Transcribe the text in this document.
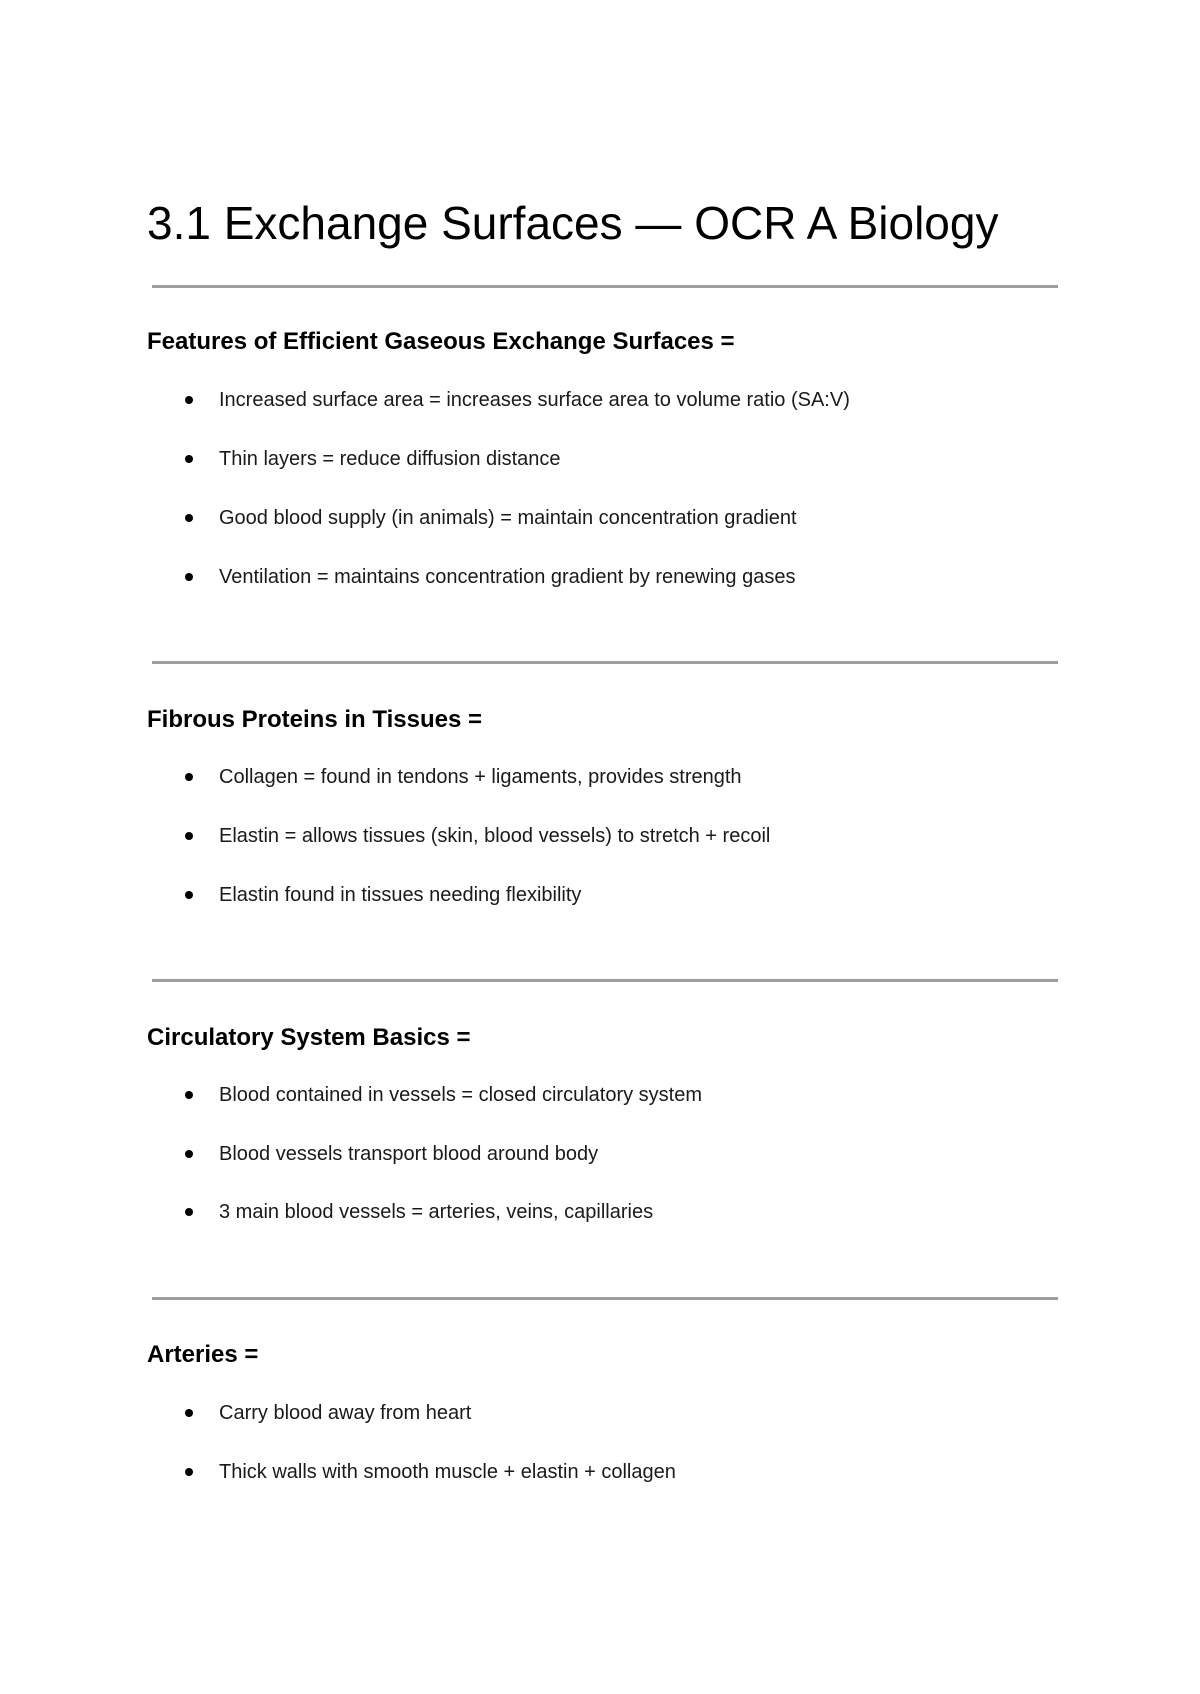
3.1 Exchange Surfaces — OCR A Biology
Features of Efficient Gaseous Exchange Surfaces =
Increased surface area = increases surface area to volume ratio (SA:V)
Thin layers = reduce diffusion distance
Good blood supply (in animals) = maintain concentration gradient
Ventilation = maintains concentration gradient by renewing gases
Fibrous Proteins in Tissues =
Collagen = found in tendons + ligaments, provides strength
Elastin = allows tissues (skin, blood vessels) to stretch + recoil
Elastin found in tissues needing flexibility
Circulatory System Basics =
Blood contained in vessels = closed circulatory system
Blood vessels transport blood around body
3 main blood vessels = arteries, veins, capillaries
Arteries =
Carry blood away from heart
Thick walls with smooth muscle + elastin + collagen
